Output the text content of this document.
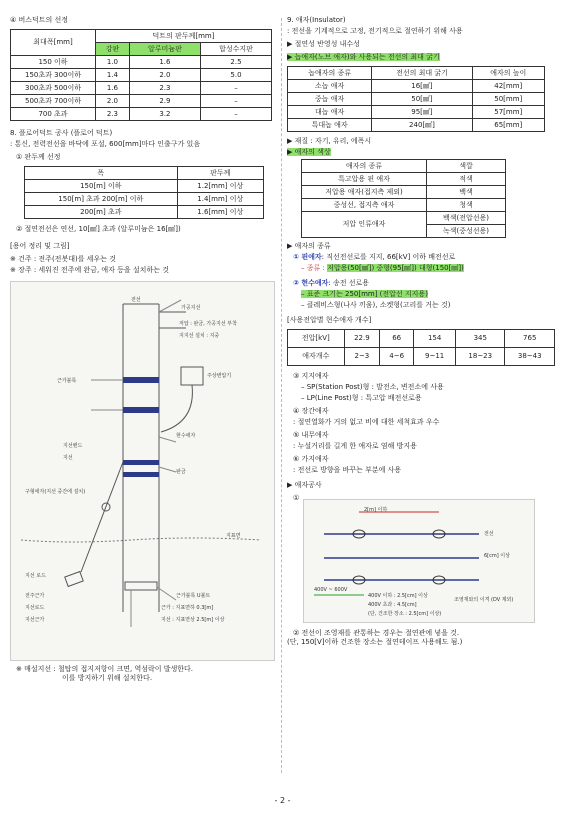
④ 버스덕트의 선정
최대폭[mm]	덕트의 판두께[mm]		
	강판	알루미늄판	합성수지판
150 이하	1.0	1.6	2.5
150초과 300이하	1.4	2.0	5.0
300초과 500이하	1.6	2.3	–
500초과 700이하	2.0	2.9	–
700 초과	2.3	3.2	–
8. 플로어덕트 공사 (플로어 덕트)
: 통신, 전력전선을 바닥에 포설, 600[mm]마다 인출구가 있음
① 판두께 선정
폭	판두께
150[m] 이하	1.2[mm] 이상
150[m] 초과 200[m] 이하	1.4[mm] 이상
200[m] 초과	1.6[mm] 이상
② 절연전선은 연선, 10[㎟] 초과 (알루미늄은 16[㎟])
[용어 정리 및 그림]
※ 건주 : 전주(전봇대)를 세우는 것
※ 장주 : 세워진 전주에 완금, 애자 등을 설치하는 것
전선
가공지선
저압 : 완금, 가공지선 부착
지지선 설치 : 지중
근가블록
주상변압기
지선밴드
지선
현수애자
완금
구형애자(지선 중간에 설치)
지선 로드
전주근가
지선로드
지선근가
근가 : 지표면하 0.3[m]
지선 : 지표면상 2.5[m] 이상
지표면
근가블록 U볼트
※ 매설지선 : 철탑의 접지저항이 크면, 역섬락이 발생한다.
이를 방지하기 위해 설치한다.
9. 애자(Insulator)
: 전선을 기계적으로 고정, 전기적으로 절연하기 위해 사용
▶ 절연성 반영성 내수성
▶ 놉애자(노브 애자)와 사용되는 전선의 최대 굵기
놉애자의 종류	전선의 최대 굵기	애자의 높이
소놉 애자	16[㎟]	42[mm]
중놉 애자	50[㎟]	50[mm]
대놉 애자	95[㎟]	57[mm]
특대놉 애자	240[㎟]	65[mm]
▶ 재질 : 자기, 유리, 에폭시
▶ 애자의 색상
애자의 종류	색깔
특고압용 핀 애자	적색
저압용 애자(접지측 제외)	백색
중성선, 접지측 애자	청색
저압 인류애자	백색(전압선용)
	녹색(중성선용)
▶ 애자의 종류
① 핀애자: 직선전선로를 지지, 66[kV] 이하 배전선로
– 종류 : 저압용(50[㎟]) 중형(95[㎟]) 대형(150[㎟])
② 현수애자: 송전 선로용
– 표준 크기는 250[mm] (전압선 지지용)
– 클레비스형(나사 끼움), 소켓형(고리를 거는 것)
[사용전압별 현수애자 개수]
전압[kV]	22.9	66	154	345	765
애자개수	2~3	4~6	9~11	18~23	38~43
③ 지지애자
– SP(Station Post)형 : 발전소, 변전소에 사용
– LP(Line Post)형 : 특고압 배전선로용
④ 장간애자
: 절연열화가 거의 없고 비에 대한 세척효과 우수
⑤ 내무애자
: 누설거리를 길게 한 애자로 염해 방지용
⑥ 가지애자
: 전선로 방향을 바꾸는 부분에 사용
▶ 애자공사
①
2[m] 이하
전선
6[cm] 이상
400V 이하 : 2.5[cm] 이상
400V 초과 : 4.5[cm]
(단, 건조한 장소 : 2.5[cm] 이상)
조영재와의 이격 (DV 제외)
400V ~ 600V
② 전선이 조영재를 관통하는 경우는 절연관에 넣을 것.
(단, 150[V]이하 건조한 장소는 절연테이프 사용해도 됨.)
- 2 -
